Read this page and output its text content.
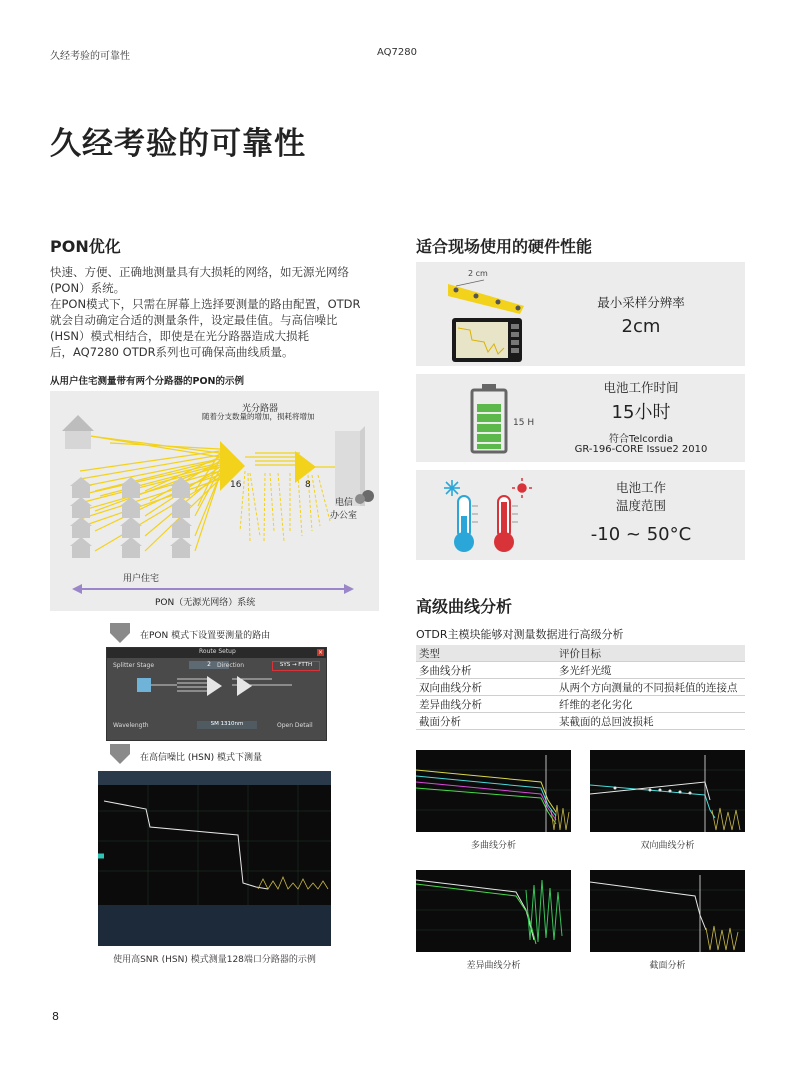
久经考验的可靠性	AQ7280
久经考验的可靠性
PON优化
快速、方便、正确地测量具有大损耗的网络，如无源光网络
(PON）系统。
在PON模式下，只需在屏幕上选择要测量的路由配置，OTDR
就会自动确定合适的测量条件，设定最佳值。与高信噪比
(HSN）模式相结合，即使是在光分路器造成大损耗
后，AQ7280 OTDR系列也可确保高曲线质量。
从用户住宅测量带有两个分路器的PON的示例
光分路器
随着分支数量的增加，损耗将增加
16	8
电信
办公室
用户住宅
PON（无源光网络）系统
在PON 模式下设置要测量的路由
Route Setup	×
Splitter Stage	2	Direction	SYS → FTTH
Wavelength	SM 1310nm	Open Detail
在高信噪比 (HSN) 模式下测量
使用高SNR (HSN) 模式测量128端口分路器的示例
适合现场使用的硬件性能
2 cm
最小采样分辨率
2cm
15 H
电池工作时间
15小时
符合Telcordia
GR-196-CORE Issue2 2010
电池工作
温度范围
-10 ~ 50°C
高级曲线分析
OTDR主模块能够对测量数据进行高级分析
类型	评价目标
多曲线分析	多光纤光缆
双向曲线分析	从两个方向测量的不同损耗值的连接点
差异曲线分析	纤维的老化劣化
截面分析	某截面的总回波损耗
多曲线分析	双向曲线分析
差异曲线分析	截面分析
8
